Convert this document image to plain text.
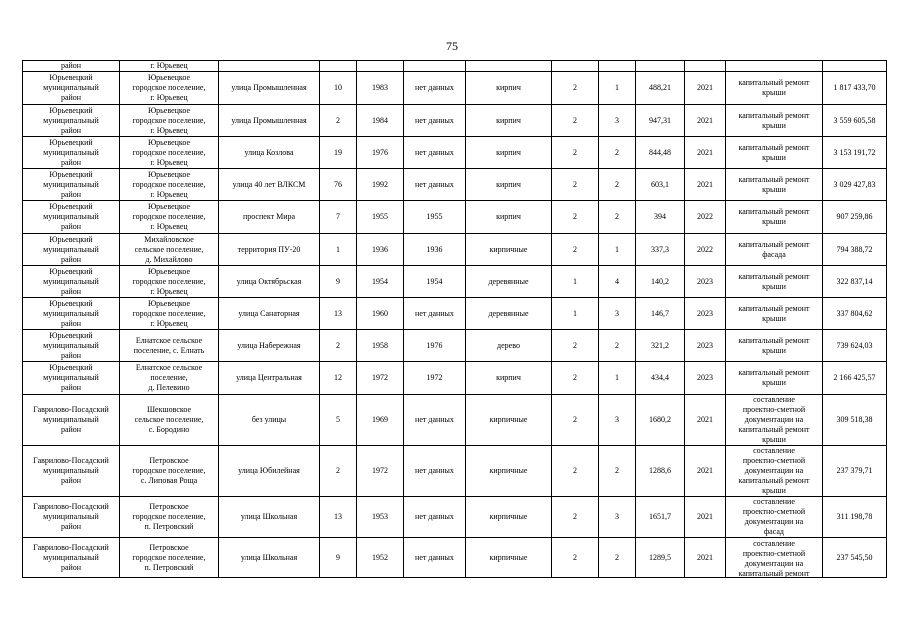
75
район	г. Юрьевец											

Юрьевецкий
муниципальный
район	Юрьевецкое
городское поселение,
г. Юрьевец	улица Промышленная	10	1983	нет данных	кирпич	2	1	488,21	2021	капитальный ремонт
крыши	1 817 433,70

Юрьевецкий
муниципальный
район	Юрьевецкое
городское поселение,
г. Юрьевец	улица Промышленная	2	1984	нет данных	кирпич	2	3	947,31	2021	капитальный ремонт
крыши	3 559 605,58

Юрьевецкий
муниципальный
район	Юрьевецкое
городское поселение,
г. Юрьевец	улица Козлова	19	1976	нет данных	кирпич	2	2	844,48	2021	капитальный ремонт
крыши	3 153 191,72

Юрьевецкий
муниципальный
район	Юрьевецкое
городское поселение,
г. Юрьевец	улица 40 лет ВЛКСМ	76	1992	нет данных	кирпич	2	2	603,1	2021	капитальный ремонт
крыши	3 029 427,83

Юрьевецкий
муниципальный
район	Юрьевецкое
городское поселение,
г. Юрьевец	проспект Мира	7	1955	1955	кирпич	2	2	394	2022	капитальный ремонт
крыши	907 259,86

Юрьевецкий
муниципальный
район	Михайловское
сельское поселение,
д. Михайлово	территория ПУ-20	1	1936	1936	кирпичные	2	1	337,3	2022	капитальный ремонт
фасада	794 388,72

Юрьевецкий
муниципальный
район	Юрьевецкое
городское поселение,
г. Юрьевец	улица Октябрьская	9	1954	1954	деревянные	1	4	140,2	2023	капитальный ремонт
крыши	322 837,14

Юрьевецкий
муниципальный
район	Юрьевецкое
городское поселение,
г. Юрьевец	улица Санаторная	13	1960	нет данных	деревянные	1	3	146,7	2023	капитальный ремонт
крыши	337 804,62

Юрьевецкий
муниципальный
район	Елнатское сельское
поселение, с. Елнать	улица Набережная	2	1958	1976	дерево	2	2	321,2	2023	капитальный ремонт
крыши	739 624,03

Юрьевецкий
муниципальный
район	Елнатское сельское
поселение,
д. Пелевино	улица Центральная	12	1972	1972	кирпич	2	1	434,4	2023	капитальный ремонт
крыши	2 166 425,57

Гаврилово-Посадский
муниципальный
район	Шекшовское
сельское поселение,
с. Бородино	без улицы	5	1969	нет данных	кирпичные	2	3	1680,2	2021	составление
проектно-сметной
документации на
капитальный ремонт
крыши	309 518,38

Гаврилово-Посадский
муниципальный
район	Петровское
городское поселение,
с. Липовая Роща	улица Юбилейная	2	1972	нет данных	кирпичные	2	2	1288,6	2021	составление
проектно-сметной
документации на
капитальный ремонт
крыши	237 379,71

Гаврилово-Посадский
муниципальный
район	Петровское
городское поселение,
п. Петровский	улица Школьная	13	1953	нет данных	кирпичные	2	3	1651,7	2021	составление
проектно-сметной
документации на
фасад	311 198,78

Гаврилово-Посадский
муниципальный
район	Петровское
городское поселение,
п. Петровский	улица Школьная	9	1952	нет данных	кирпичные	2	2	1289,5	2021	составление
проектно-сметной
документации на
капитальный ремонт	237 545,50
